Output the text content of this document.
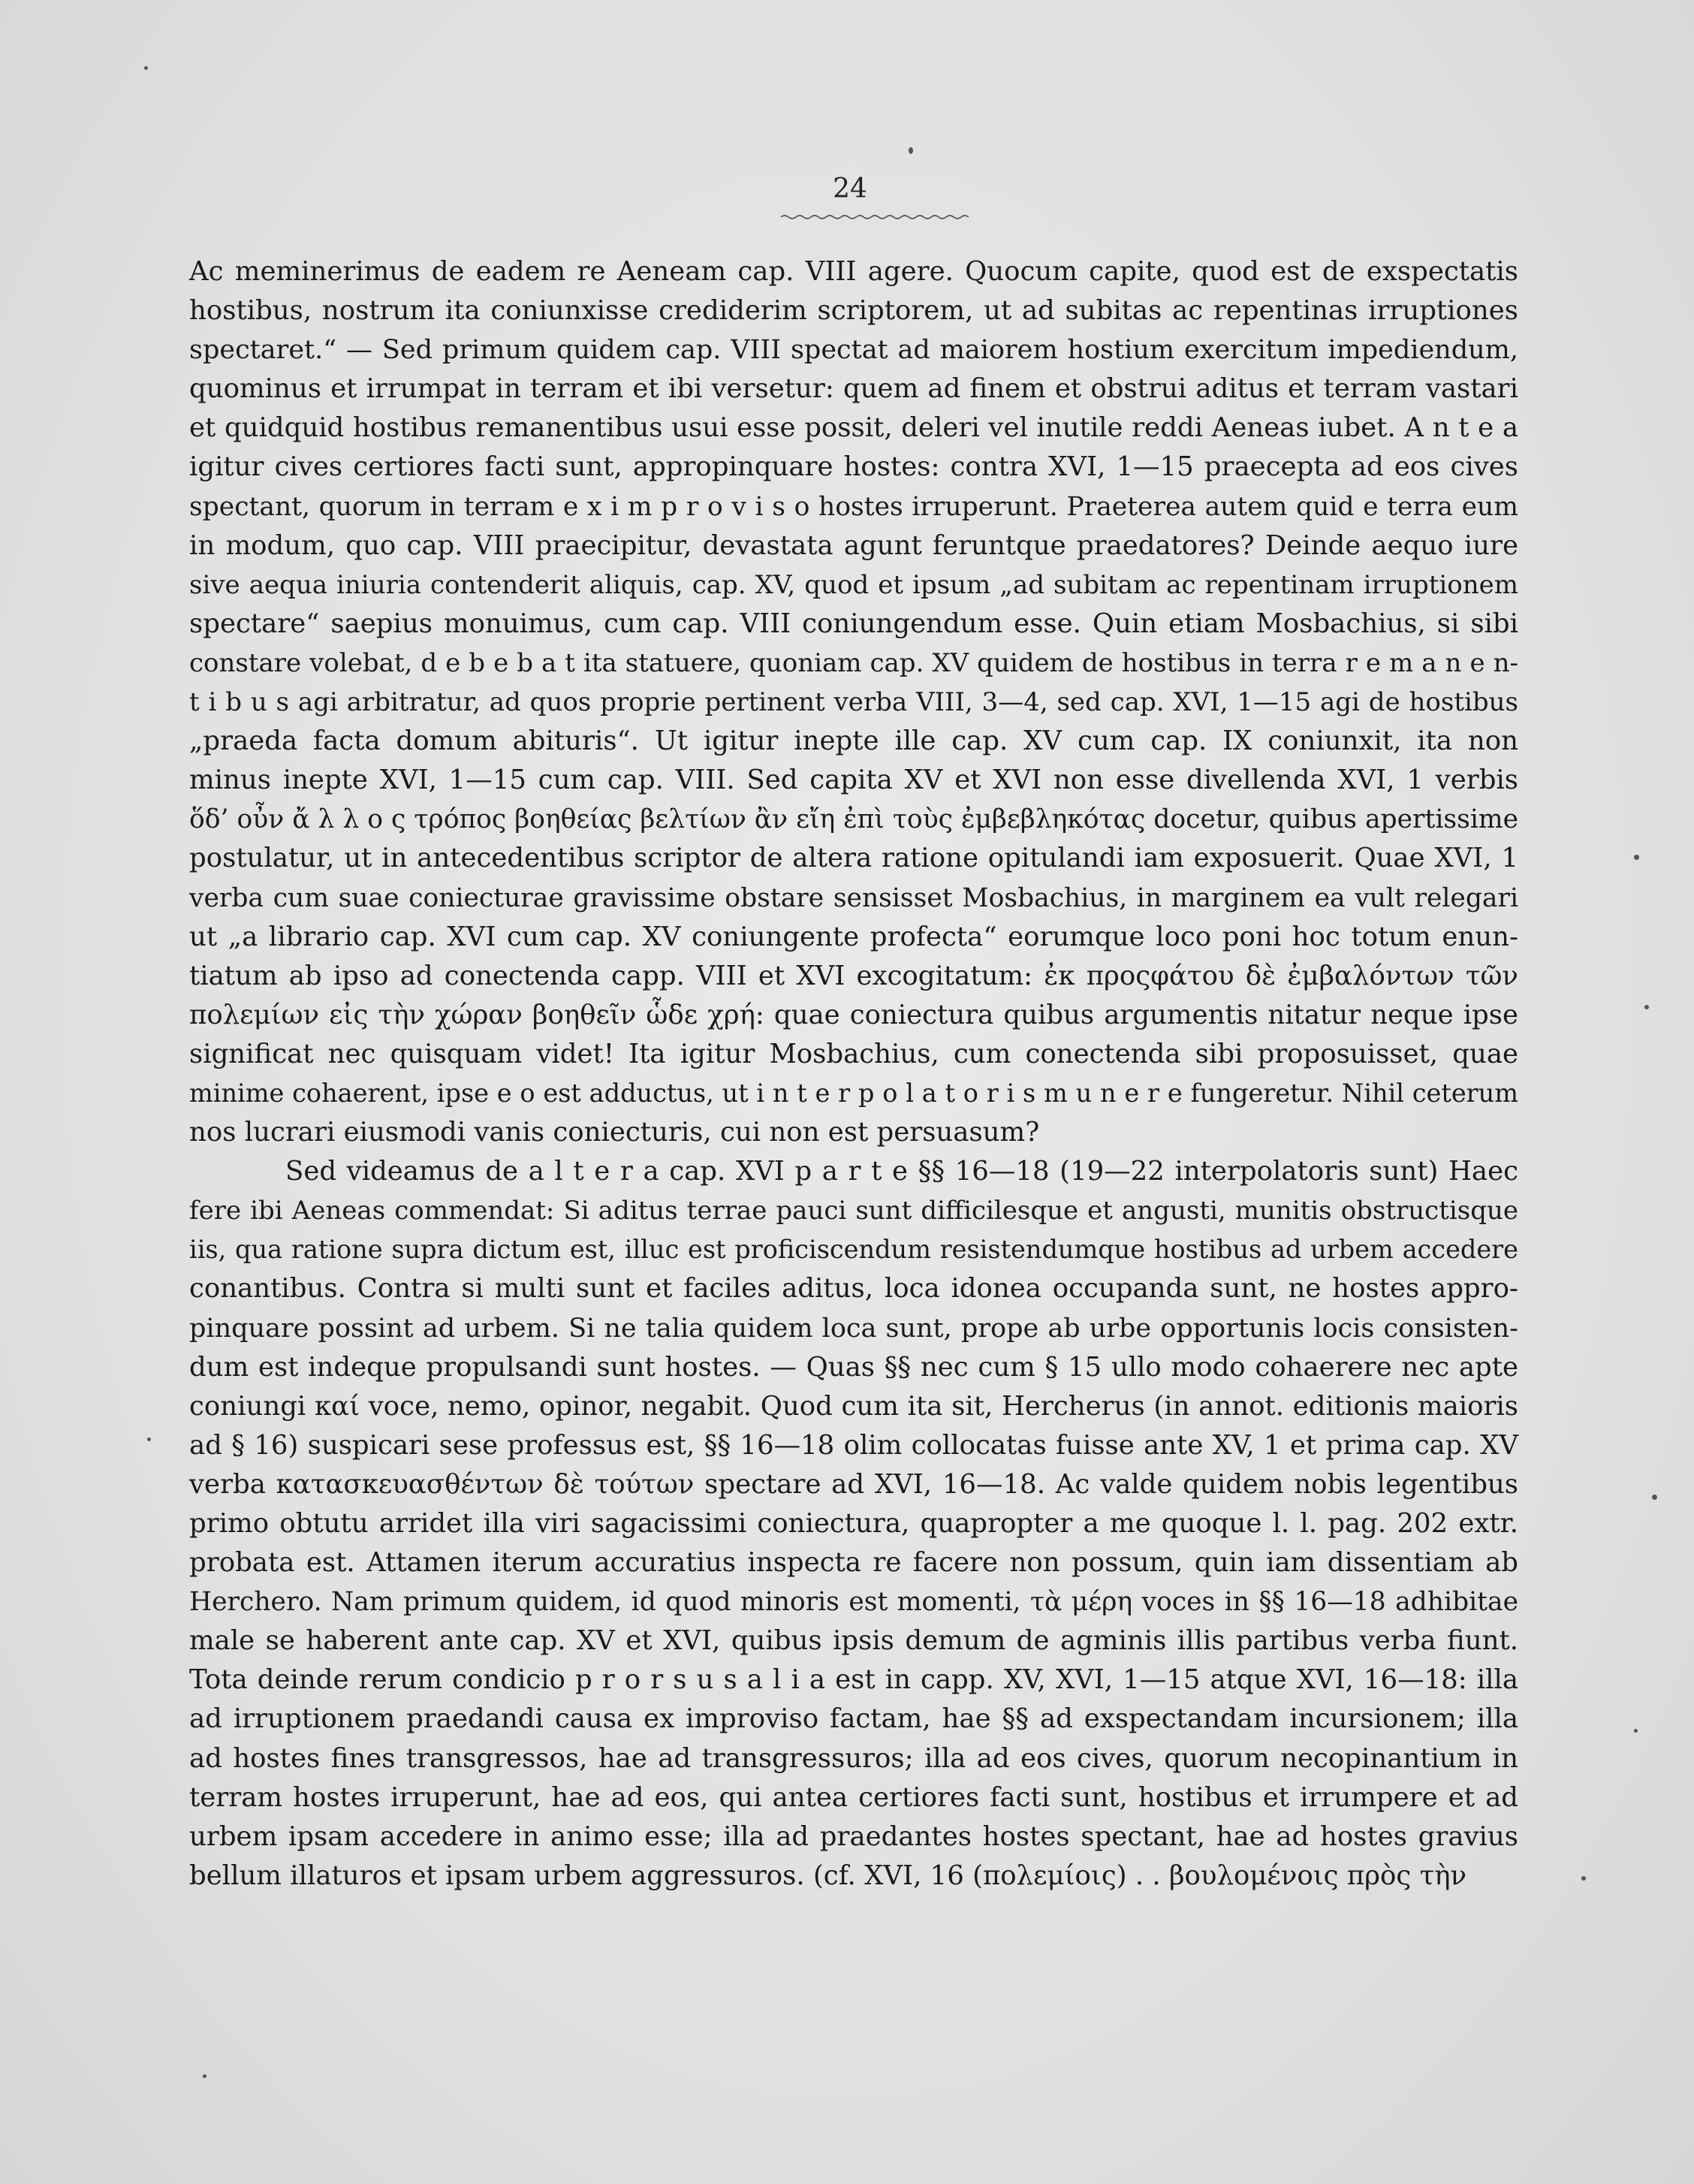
24
Ac meminerimus de eadem re Aeneam cap. VIII agere. Quocum capite, quod est de exspectatis
hostibus, nostrum ita coniunxisse crediderim scriptorem, ut ad subitas ac repentinas irruptiones
spectaret.“ — Sed primum quidem cap. VIII spectat ad maiorem hostium exercitum impediendum,
quominus et irrumpat in terram et ibi versetur: quem ad finem et obstrui aditus et terram vastari
et quidquid hostibus remanentibus usui esse possit, deleri vel inutile reddi Aeneas iubet. A n t e a
igitur cives certiores facti sunt, appropinquare hostes: contra XVI, 1—15 praecepta ad eos cives
spectant, quorum in terram e x i m p r o v i s o hostes irruperunt. Praeterea autem quid e terra eum
in modum, quo cap. VIII praecipitur, devastata agunt feruntque praedatores? Deinde aequo iure
sive aequa iniuria contenderit aliquis, cap. XV, quod et ipsum „ad subitam ac repentinam irruptionem
spectare“ saepius monuimus, cum cap. VIII coniungendum esse. Quin etiam Mosbachius, si sibi
constare volebat, d e b e b a t ita statuere, quoniam cap. XV quidem de hostibus in terra r e m a n e n-
t i b u s agi arbitratur, ad quos proprie pertinent verba VIII, 3—4, sed cap. XVI, 1—15 agi de hostibus
„praeda facta domum abituris“. Ut igitur inepte ille cap. XV cum cap. IX coniunxit, ita non
minus inepte XVI, 1—15 cum cap. VIII. Sed capita XV et XVI non esse divellenda XVI, 1 verbis
ὅδ’ οὖν ἄ λ λ ο ς τρόπος βοηθείας βελτίων ἂν εἴη ἐπὶ τοὺς ἐμβεβληκότας docetur, quibus apertissime
postulatur, ut in antecedentibus scriptor de altera ratione opitulandi iam exposuerit. Quae XVI, 1
verba cum suae coniecturae gravissime obstare sensisset Mosbachius, in marginem ea vult relegari
ut „a librario cap. XVI cum cap. XV coniungente profecta“ eorumque loco poni hoc totum enun-
tiatum ab ipso ad conectenda capp. VIII et XVI excogitatum: ἐκ προςφάτου δὲ ἐμβαλόντων τῶν
πολεμίων εἰς τὴν χώραν βοηθεῖν ὧδε χρή: quae coniectura quibus argumentis nitatur neque ipse
significat nec quisquam videt! Ita igitur Mosbachius, cum conectenda sibi proposuisset, quae
minime cohaerent, ipse e o est adductus, ut i n t e r p o l a t o r i s m u n e r e fungeretur. Nihil ceterum
nos lucrari eiusmodi vanis coniecturis, cui non est persuasum?
Sed videamus de a l t e r a cap. XVI p a r t e §§ 16—18 (19—22 interpolatoris sunt) Haec
fere ibi Aeneas commendat: Si aditus terrae pauci sunt difficilesque et angusti, munitis obstructisque
iis, qua ratione supra dictum est, illuc est proficiscendum resistendumque hostibus ad urbem accedere
conantibus. Contra si multi sunt et faciles aditus, loca idonea occupanda sunt, ne hostes appro-
pinquare possint ad urbem. Si ne talia quidem loca sunt, prope ab urbe opportunis locis consisten-
dum est indeque propulsandi sunt hostes. — Quas §§ nec cum § 15 ullo modo cohaerere nec apte
coniungi καί voce, nemo, opinor, negabit. Quod cum ita sit, Hercherus (in annot. editionis maioris
ad § 16) suspicari sese professus est, §§ 16—18 olim collocatas fuisse ante XV, 1 et prima cap. XV
verba κατασκευασθέντων δὲ τούτων spectare ad XVI, 16—18. Ac valde quidem nobis legentibus
primo obtutu arridet illa viri sagacissimi coniectura, quapropter a me quoque l. l. pag. 202 extr.
probata est. Attamen iterum accuratius inspecta re facere non possum, quin iam dissentiam ab
Herchero. Nam primum quidem, id quod minoris est momenti, τὰ μέρη voces in §§ 16—18 adhibitae
male se haberent ante cap. XV et XVI, quibus ipsis demum de agminis illis partibus verba fiunt.
Tota deinde rerum condicio p r o r s u s a l i a est in capp. XV, XVI, 1—15 atque XVI, 16—18: illa
ad irruptionem praedandi causa ex improviso factam, hae §§ ad exspectandam incursionem; illa
ad hostes fines transgressos, hae ad transgressuros; illa ad eos cives, quorum necopinantium in
terram hostes irruperunt, hae ad eos, qui antea certiores facti sunt, hostibus et irrumpere et ad
urbem ipsam accedere in animo esse; illa ad praedantes hostes spectant, hae ad hostes gravius
bellum illaturos et ipsam urbem aggressuros. (cf. XVI, 16 (πολεμίοις) . . βουλομένοις πρὸς τὴν
